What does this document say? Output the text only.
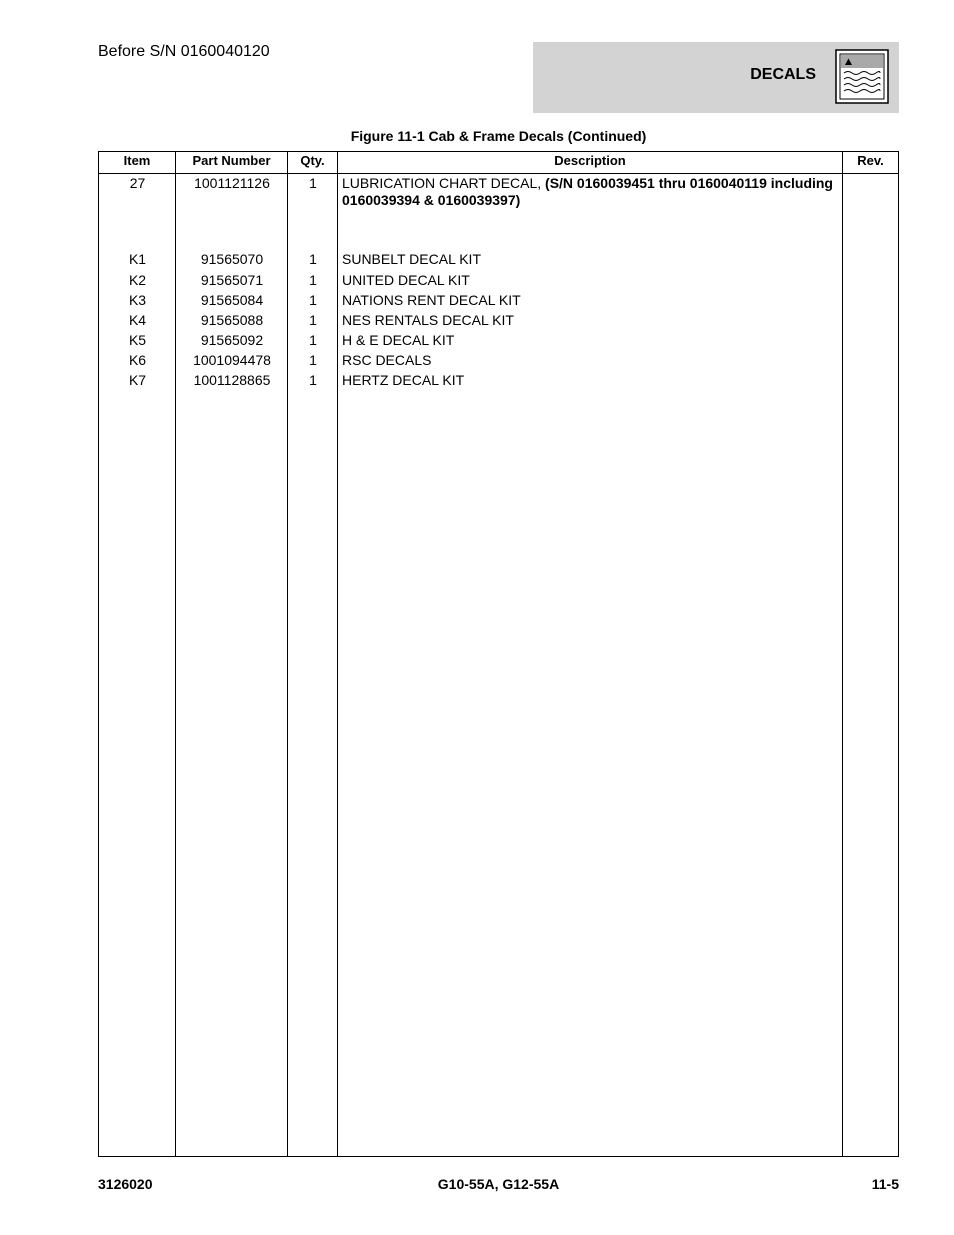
Before S/N 0160040120
DECALS
Figure 11-1 Cab & Frame Decals (Continued)
Item	Part Number	Qty.	Description	Rev.
27	1001121126	1	LUBRICATION CHART DECAL, (S/N 0160039451 thru 0160040119 including 0160039394 & 0160039397)
K1	91565070	1	SUNBELT DECAL KIT
K2	91565071	1	UNITED DECAL KIT
K3	91565084	1	NATIONS RENT DECAL KIT
K4	91565088	1	NES RENTALS DECAL KIT
K5	91565092	1	H & E DECAL KIT
K6	1001094478	1	RSC DECALS
K7	1001128865	1	HERTZ DECAL KIT
3126020	G10-55A, G12-55A	11-5
